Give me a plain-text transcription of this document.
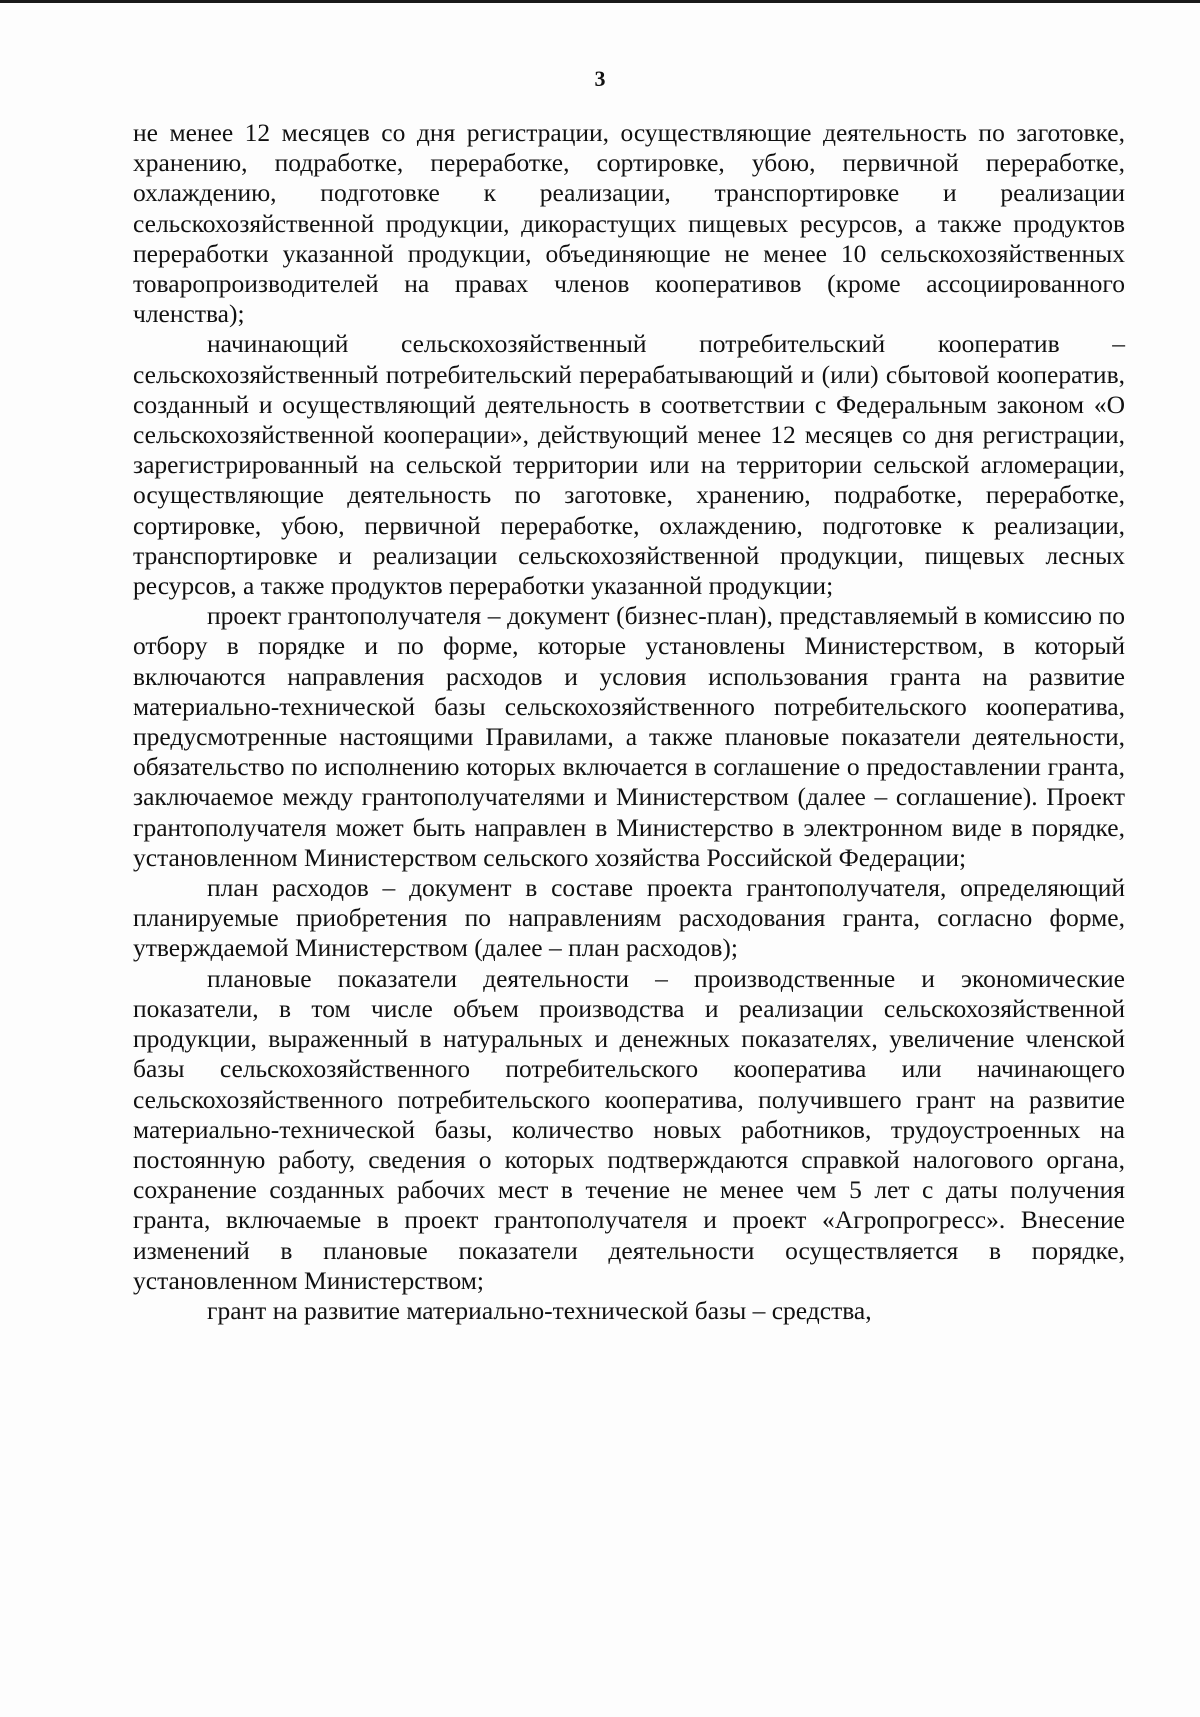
3

не менее 12 месяцев со дня регистрации, осуществляющие деятельность по заготовке, хранению, подработке, переработке, сортировке, убою, первичной переработке, охлаждению, подготовке к реализации, транспортировке и реализации сельскохозяйственной продукции, дикорастущих пищевых ресурсов, а также продуктов переработки указанной продукции, объединяющие не менее 10 сельскохозяйственных товаропроизводителей на правах членов кооперативов (кроме ассоциированного членства);

начинающий сельскохозяйственный потребительский кооператив – сельскохозяйственный потребительский перерабатывающий и (или) сбытовой кооператив, созданный и осуществляющий деятельность в соответствии с Федеральным законом «О сельскохозяйственной кооперации», действующий менее 12 месяцев со дня регистрации, зарегистрированный на сельской территории или на территории сельской агломерации, осуществляющие деятельность по заготовке, хранению, подработке, переработке, сортировке, убою, первичной переработке, охлаждению, подготовке к реализации, транспортировке и реализации сельскохозяйственной продукции, пищевых лесных ресурсов, а также продуктов переработки указанной продукции;

проект грантополучателя – документ (бизнес-план), представляемый в комиссию по отбору в порядке и по форме, которые установлены Министерством, в который включаются направления расходов и условия использования гранта на развитие материально-технической базы сельскохозяйственного потребительского кооператива, предусмотренные настоящими Правилами, а также плановые показатели деятельности, обязательство по исполнению которых включается в соглашение о предоставлении гранта, заключаемое между грантополучателями и Министерством (далее – соглашение). Проект грантополучателя может быть направлен в Министерство в электронном виде в порядке, установленном Министерством сельского хозяйства Российской Федерации;

план расходов – документ в составе проекта грантополучателя, определяющий планируемые приобретения по направлениям расходования гранта, согласно форме, утверждаемой Министерством (далее – план расходов);

плановые показатели деятельности – производственные и экономические показатели, в том числе объем производства и реализации сельскохозяйственной продукции, выраженный в натуральных и денежных показателях, увеличение членской базы сельскохозяйственного потребительского кооператива или начинающего сельскохозяйственного потребительского кооператива, получившего грант на развитие материально-технической базы, количество новых работников, трудоустроенных на постоянную работу, сведения о которых подтверждаются справкой налогового органа, сохранение созданных рабочих мест в течение не менее чем 5 лет с даты получения гранта, включаемые в проект грантополучателя и проект «Агропрогресс». Внесение изменений в плановые показатели деятельности осуществляется в порядке, установленном Министерством;

грант на развитие материально-технической базы – средства,
